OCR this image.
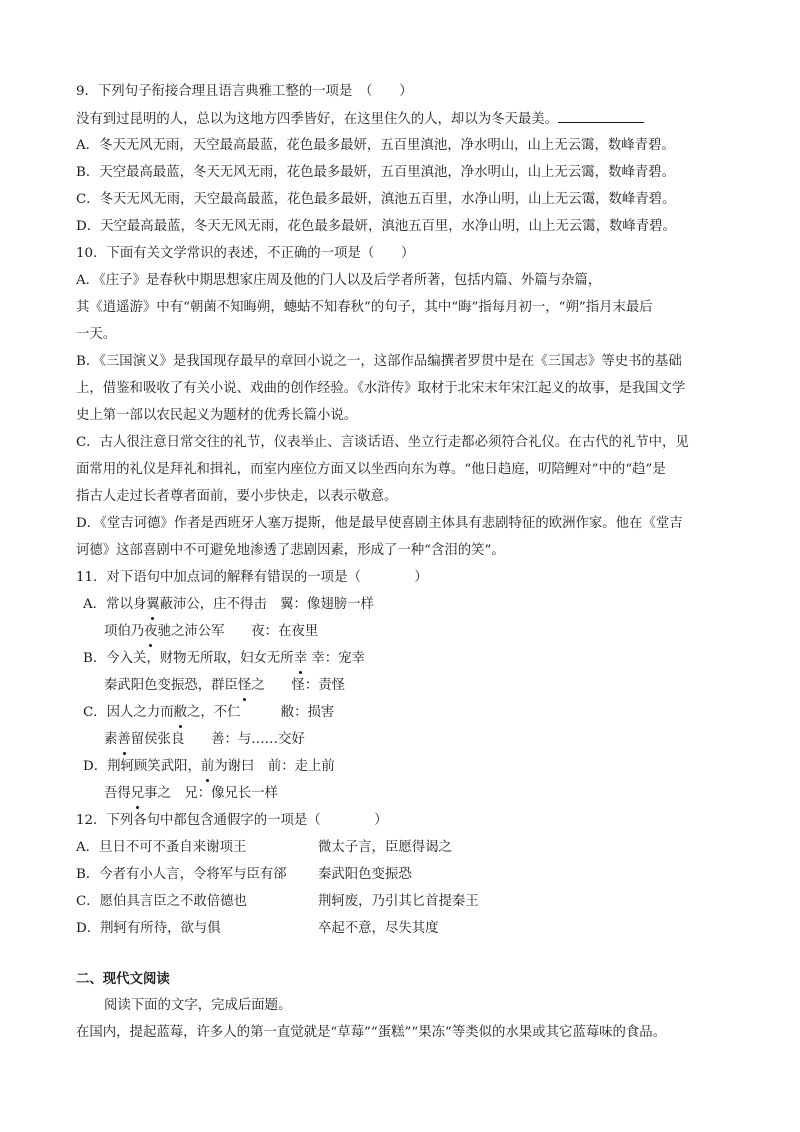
9．下列句子衔接合理且语言典雅工整的一项是　（　　）
没有到过昆明的人，总以为这地方四季皆好，在这里住久的人，却以为冬天最美。
A．冬天无风无雨，天空最高最蓝，花色最多最妍，五百里滇池，净水明山，山上无云霭，数峰青碧。
B．天空最高最蓝，冬天无风无雨，花色最多最妍，五百里滇池，净水明山，山上无云霭，数峰青碧。
C．冬天无风无雨，天空最高最蓝，花色最多最妍，滇池五百里，水净山明，山上无云霭，数峰青碧。
D．天空最高最蓝，冬天无风无雨，花色最多最妍，滇池五百里，水净山明，山上无云霭，数峰青碧。
10．下面有关文学常识的表述，不正确的一项是（　　）
A．《庄子》是春秋中期思想家庄周及他的门人以及后学者所著，包括内篇、外篇与杂篇，
其《逍遥游》中有“朝菌不知晦朔，蟪蛄不知春秋”的句子，其中“晦”指每月初一，“朔”指月末最后
一天。
B．《三国演义》是我国现存最早的章回小说之一，这部作品编撰者罗贯中是在《三国志》等史书的基础
上，借鉴和吸收了有关小说、戏曲的创作经验。《水浒传》取材于北宋末年宋江起义的故事，是我国文学
史上第一部以农民起义为题材的优秀长篇小说。
C．古人很注意日常交往的礼节，仪表举止、言谈话语、坐立行走都必须符合礼仪。在古代的礼节中，见
面常用的礼仪是拜礼和揖礼，而室内座位方面又以坐西向东为尊。“他日趋庭，叨陪鲤对”中的“趋”是
指古人走过长者尊者面前，要小步快走，以表示敬意。
D．《堂吉诃德》作者是西班牙人塞万提斯，他是最早使喜剧主体具有悲剧特征的欧洲作家。他在《堂吉
诃德》这部喜剧中不可避免地渗透了悲剧因素，形成了一种“含泪的笑”。
11．对下语句中加点词的解释有错误的一项是（　　　　）
A．常以身翼蔽沛公，庄不得击　翼：像翅膀一样
项伯乃夜驰之沛公军　　夜：在夜里
B．今入关，财物无所取，妇女无所幸 幸：宠幸
秦武阳色变振恐，群臣怪之　　怪：责怪
C．因人之力而敝之，不仁　　　敝：损害
素善留侯张良　　善：与……交好
D．荆轲顾笑武阳，前为谢曰　前：走上前
吾得兄事之　兄：像兄长一样
12．下列各句中都包含通假字的一项是（　　　　）
A．旦日不可不蚤自来谢项王	微太子言，臣愿得谒之
B．今者有小人言，令将军与臣有郤 秦武阳色变振恐
C．愿伯具言臣之不敢倍德也	荆轲废，乃引其匕首提秦王
D．荆轲有所待，欲与俱	卒起不意，尽失其度
二、现代文阅读
阅读下面的文字，完成后面题。
在国内，提起蓝莓，许多人的第一直觉就是“草莓”“蛋糕”“果冻”等类似的水果或其它蓝莓味的食品。
